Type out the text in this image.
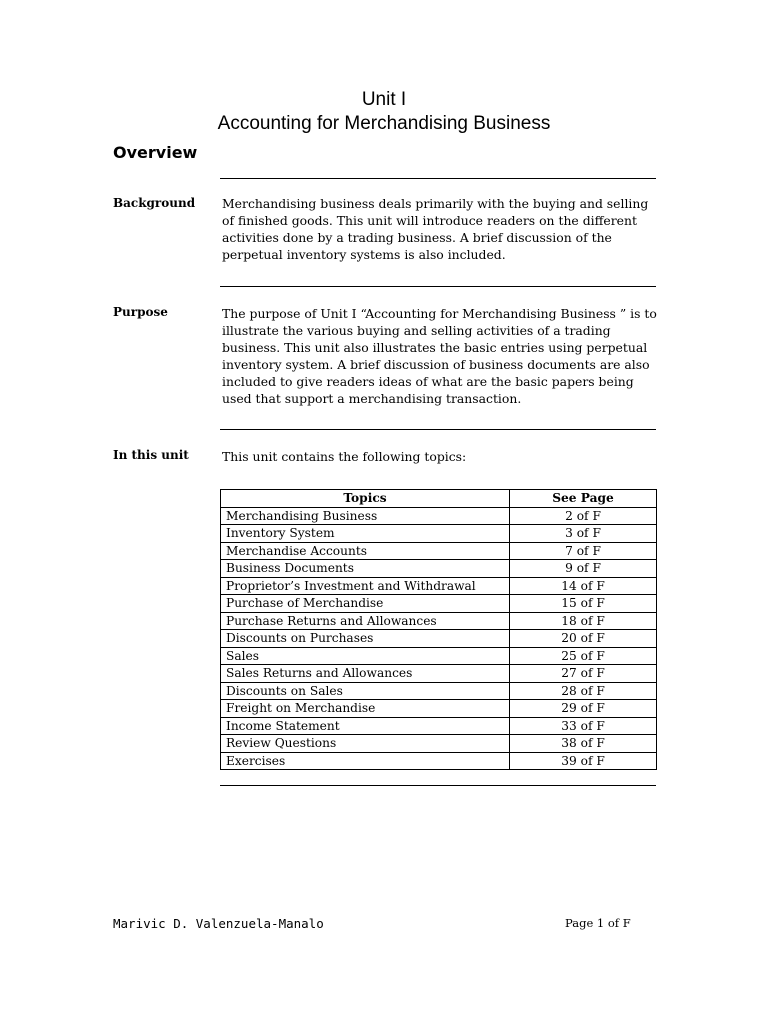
Unit I
Accounting for Merchandising Business
Overview
Background Merchandising business deals primarily with the buying and selling of finished goods. This unit will introduce readers on the different activities done by a trading business. A brief discussion of the perpetual inventory systems is also included.
Purpose	The purpose of Unit I “Accounting for Merchandising Business ” is to illustrate the various buying and selling activities of a trading business. This unit also illustrates the basic entries using perpetual inventory system. A brief discussion of business documents are also included to give readers ideas of what are the basic papers being used that support a merchandising transaction.
In this unit	This unit contains the following topics:
Topics	See Page
Merchandising Business	2 of F
Inventory System	3 of F
Merchandise Accounts	7 of F
Business Documents	9 of F
Proprietor’s Investment and Withdrawal	14 of F
Purchase of Merchandise	15 of F
Purchase Returns and Allowances	18 of F
Discounts on Purchases	20 of F
Sales	25 of F
Sales Returns and Allowances	27 of F
Discounts on Sales	28 of F
Freight on Merchandise	29 of F
Income Statement	33 of F
Review Questions	38 of F
Exercises	39 of F
Marivic D. Valenzuela-Manalo	Page 1 of F
